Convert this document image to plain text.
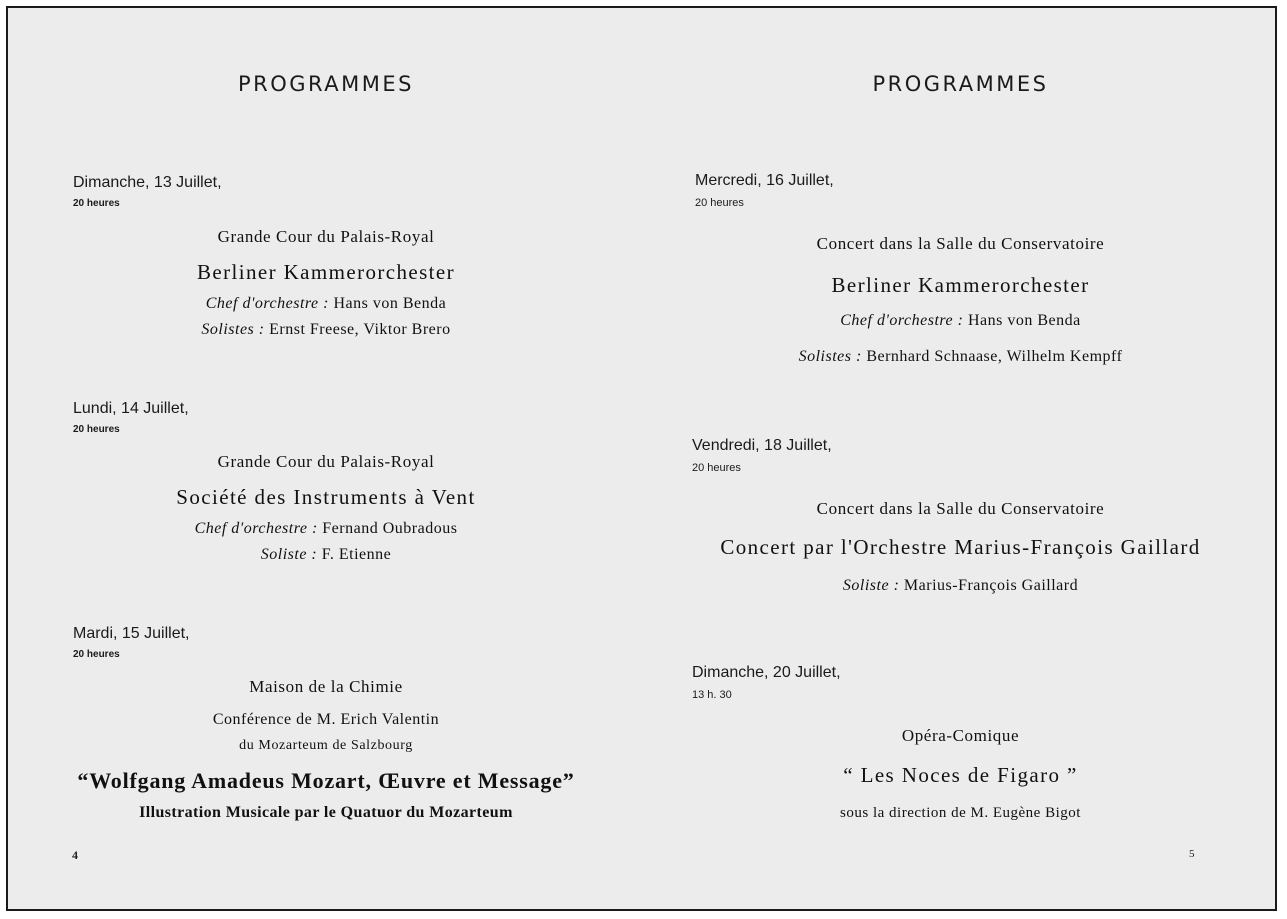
PROGRAMMES
Dimanche, 13 Juillet,
20 heures
Grande Cour du Palais-Royal
Berliner Kammerorchester
Chef d'orchestre : Hans von Benda
Solistes : Ernst Freese, Viktor Brero
Lundi, 14 Juillet,
20 heures
Grande Cour du Palais-Royal
Société des Instruments à Vent
Chef d'orchestre : Fernand Oubradous
Soliste : F. Etienne
Mardi, 15 Juillet,
20 heures
Maison de la Chimie
Conférence de M. Erich Valentin
du Mozarteum de Salzbourg
“Wolfgang Amadeus Mozart, Œuvre et Message”
Illustration Musicale par le Quatuor du Mozarteum
4
PROGRAMMES
Mercredi, 16 Juillet,
20 heures
Concert dans la Salle du Conservatoire
Berliner Kammerorchester
Chef d'orchestre : Hans von Benda
Solistes : Bernhard Schnaase, Wilhelm Kempff
Vendredi, 18 Juillet,
20 heures
Concert dans la Salle du Conservatoire
Concert par l'Orchestre Marius-François Gaillard
Soliste : Marius-François Gaillard
Dimanche, 20 Juillet,
13 h. 30
Opéra-Comique
“ Les Noces de Figaro ”
sous la direction de M. Eugène Bigot
5
